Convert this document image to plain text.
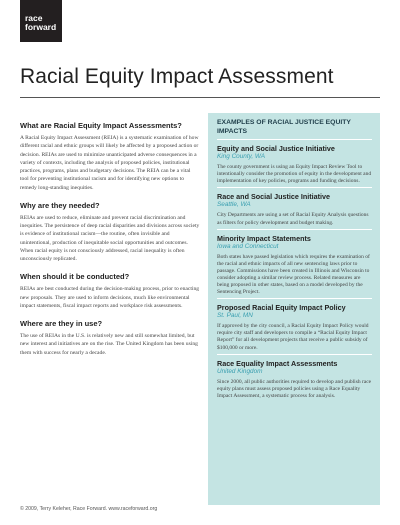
race
forward
Racial Equity Impact Assessment
What are Racial Equity Impact Assessments?

A Racial Equity Impact Assessment (REIA) is a systematic examination of how different racial and ethnic groups will likely be affected by a proposed action or decision. REIAs are used to minimize unanticipated adverse consequences in a variety of contexts, including the analysis of proposed policies, institutional practices, programs, plans and budgetary decisions. The REIA can be a vital tool for preventing institutional racism and for identifying new options to remedy long-standing inequities.

Why are they needed?

REIAs are used to reduce, eliminate and prevent racial discrimination and inequities. The persistence of deep racial disparities and divisions across society is evidence of institutional racism—the routine, often invisible and unintentional, production of inequitable social opportunities and outcomes. When racial equity is not consciously addressed, racial inequality is often unconsciously replicated.

When should it be conducted?

REIAs are best conducted during the decision-making process, prior to enacting new proposals. They are used to inform decisions, much like environmental impact statements, fiscal impact reports and workplace risk assessments.

Where are they in use?

The use of REIAs in the U.S. is relatively new and still somewhat limited, but new interest and initiatives are on the rise. The United Kingdom has been using them with success for nearly a decade.

EXAMPLES OF RACIAL JUSTICE EQUITY IMPACTS
Equity and Social Justice Initiative
King County, WA

The county government is using an Equity Impact Review Tool to intentionally consider the promotion of equity in the development and implementation of key policies, programs and funding decisions.

Race and Social Justice Initiative
Seattle, WA

City Departments are using a set of Racial Equity Analysis questions as filters for policy development and budget making.

Minority Impact Statements
Iowa and Connecticut

Both states have passed legislation which requires the examination of the racial and ethnic impacts of all new sentencing laws prior to passage. Commissions have been created in Illinois and Wisconsin to consider adopting a similar review process. Related measures are being proposed in other states, based on a model developed by the Sentencing Project.

Proposed Racial Equity Impact Policy
St. Paul, MN

If approved by the city council, a Racial Equity Impact Policy would require city staff and developers to compile a “Racial Equity Impact Report” for all development projects that receive a public subsidy of $100,000 or more.

Race Equality Impact Assessments
United Kingdom

Since 2000, all public authorities required to develop and publish race equity plans must assess proposed policies using a Race Equality Impact Assessment, a systematic process for analysis.

© 2009, Terry Keleher, Race Forward. www.raceforward.org
